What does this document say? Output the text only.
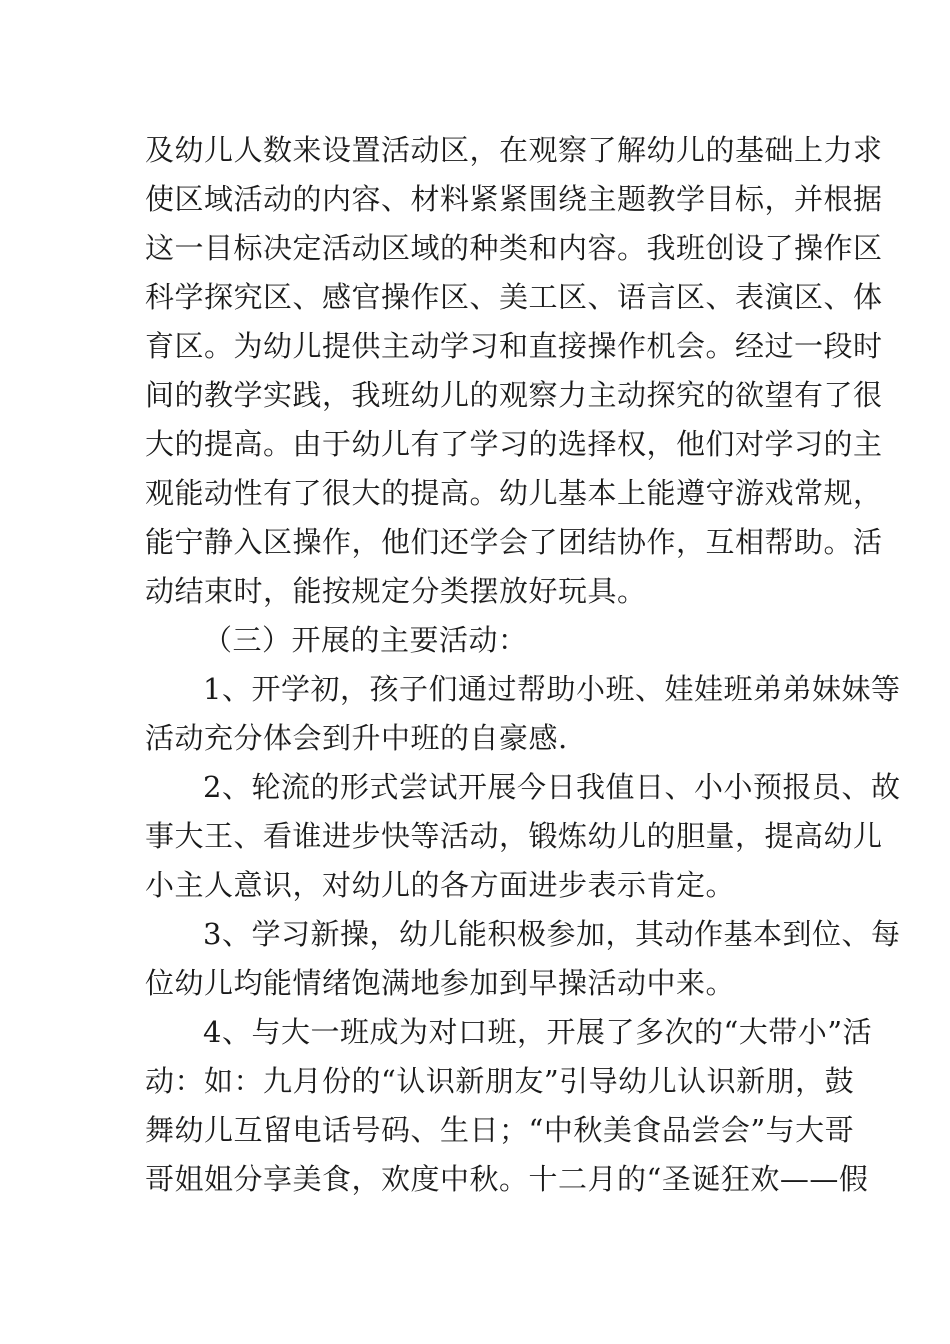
及幼儿人数来设置活动区，在观察了解幼儿的基础上力求
使区域活动的内容、材料紧紧围绕主题教学目标，并根据
这一目标决定活动区域的种类和内容。我班创设了操作区
科学探究区、感官操作区、美工区、语言区、表演区、体
育区。为幼儿提供主动学习和直接操作机会。经过一段时
间的教学实践，我班幼儿的观察力主动探究的欲望有了很
大的提高。由于幼儿有了学习的选择权，他们对学习的主
观能动性有了很大的提高。幼儿基本上能遵守游戏常规，
能宁静入区操作，他们还学会了团结协作，互相帮助。活
动结束时，能按规定分类摆放好玩具。
（三）开展的主要活动：
1、开学初，孩子们通过帮助小班、娃娃班弟弟妹妹等
活动充分体会到升中班的自豪感.
2、轮流的形式尝试开展今日我值日、小小预报员、故
事大王、看谁进步快等活动，锻炼幼儿的胆量，提高幼儿
小主人意识，对幼儿的各方面进步表示肯定。
3、学习新操，幼儿能积极参加，其动作基本到位、每
位幼儿均能情绪饱满地参加到早操活动中来。
4、与大一班成为对口班，开展了多次的“大带小”活
动：如：九月份的“认识新朋友”引导幼儿认识新朋，鼓
舞幼儿互留电话号码、生日；“中秋美食品尝会”与大哥
哥姐姐分享美食，欢度中秋。十二月的“圣诞狂欢——假
